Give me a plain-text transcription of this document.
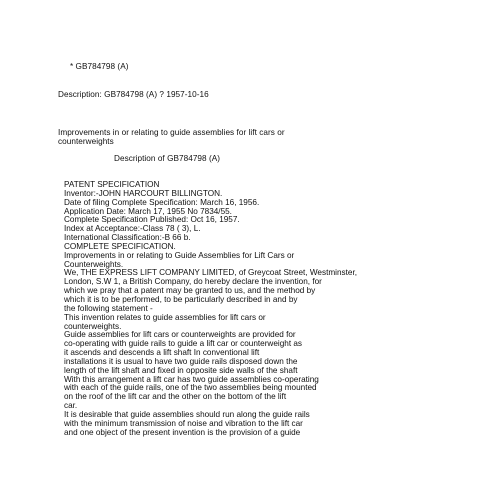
* GB784798 (A)
Description: GB784798 (A) ? 1957-10-16
Improvements in or relating to guide assemblies for lift cars or
counterweights
Description of GB784798 (A)
PATENT SPECIFICATION
Inventor:-JOHN HARCOURT BILLINGTON.
Date of filing Complete Specification: March 16, 1956.
Application Date: March 17, 1955 No 7834/55.
Complete Specification Published: Oct 16, 1957.
Index at Acceptance:-Class 78 ( 3), L.
International Classification:-B 66 b.
COMPLETE SPECIFICATION.
Improvements in or relating to Guide Assemblies for Lift Cars or
Counterweights.
We, THE EXPRESS LIFT COMPANY LIMITED, of Greycoat Street, Westminster,
London, S.W 1, a British Company, do hereby declare the invention, for
which we pray that a patent may be granted to us, and the method by
which it is to be performed, to be particularly described in and by
the following statement -
This invention relates to guide assemblies for lift cars or
counterweights.
Guide assemblies for lift cars or counterweights are provided for
co-operating with guide rails to guide a lift car or counterweight as
it ascends and descends a lift shaft In conventional lift
installations it is usual to have two guide rails disposed down the
length of the lift shaft and fixed in opposite side walls of the shaft
With this arrangement a lift car has two guide assemblies co-operating
with each of the guide rails, one of the two assemblies being mounted
on the roof of the lift car and the other on the bottom of the lift
car.
It is desirable that guide assemblies should run along the guide rails
with the minimum transmission of noise and vibration to the lift car
and one object of the present invention is the provision of a guide
